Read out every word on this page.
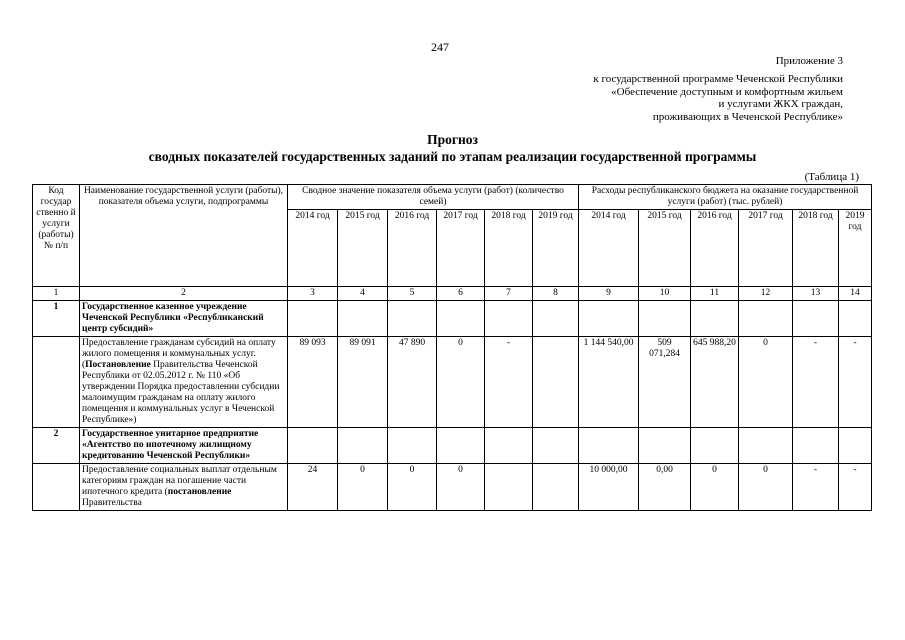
247
Приложение 3
к государственной программе Чеченской Республики
«Обеспечение доступным и комфортным жильем
и услугами ЖКХ граждан,
проживающих в Чеченской Республике»
Прогноз
сводных показателей государственных заданий по этапам реализации государственной программы
(Таблица 1)
Код государ ственно й услуги (работы) № п/п	Наименование государственной услуги (работы), показателя объема услуги, подпрограммы	Сводное значение показателя объема услуги (работ) (количество семей)						Расходы республиканского бюджета на оказание государственной услуги (работ) (тыс. рублей)					
		2014 год	2015 год	2016 год	2017 год	2018 год	2019 год	2014 год	2015 год	2016 год	2017 год	2018 год	2019 год
1	2	3	4	5	6	7	8	9	10	11	12	13	14
1	Государственное казенное учреждение Чеченской Республики «Республиканский центр субсидий»												
	Предоставление гражданам субсидий на оплату жилого помещения и коммунальных услуг. (Постановление Правительства Чеченской Республики от 02.05.2012 г. № 110 «Об утверждении Порядка предоставлении субсидии малоимущим гражданам на оплату жилого помещения и коммунальных услуг в Чеченской Республике»)	89 093	89 091	47 890	0	-		1 144 540,00	509 071,284	645 988,20	0	-	-
2	Государственное унитарное предприятие «Агентство по ипотечному жилищному кредитованию Чеченской Республики»												
	Предоставление социальных выплат отдельным категориям граждан на погашение части ипотечного кредита (постановление Правительства	24	0	0	0			10 000,00	0,00	0	0	-	-
